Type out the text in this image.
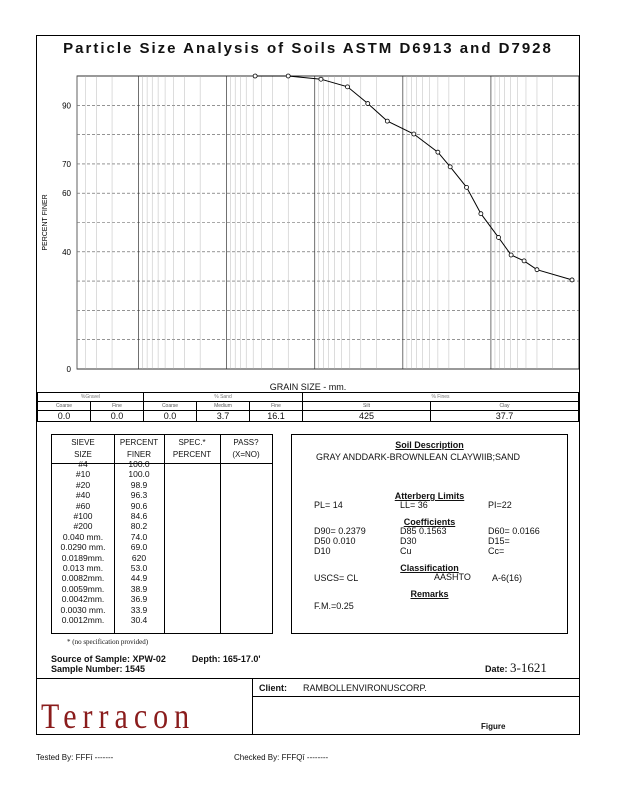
Particle Size Analysis of Soils ASTM D6913 and D7928
90
70
60
40
0
PERCENT FINER
GRAIN SIZE - mm.
%Gravel		% Sand			% Fines	
Coarse	Fine	Coarse	Medium	Fine	Silt	Clay
0.0	0.0	0.0	3.7	16.1	425	37.7
SIEVE	PERCENT	SPEC.*	PASS?
SIZE	FINER	PERCENT	(X=NO)
#4	100.0		
#10	100.0		
#20	98.9		
#40	96.3		
#60	90.6		
#100	84.6		
#200	80.2		
0.040 mm.	74.0		
0.0290 mm.	69.0		
0.0189mm.	620		
0.013 mm.	53.0		
0.0082mm.	44.9		
0.0059mm.	38.9		
0.0042mm.	36.9		
0.0030 mm.	33.9		
0.0012mm.	30.4		
Soil Description
GRAY ANDDARK-BROWNLEAN CLAYWIIB;SAND
Atterberg Limits
PL= 14	LL= 36	PI=22
Coefficients
D90= 0.2379	D85 0.1563	D60= 0.0166
D50 0.010	D30	D15=
D10	Cu	Cc=
Classification
USCS= CL	AASHTO A-6(16)
Remarks
F.M.=0.25
* (no specification provided)
Source of Sample: XPW-02	Depth: 165-17.0'
Sample Number: 1545	Date: 3-1621
Terracon
Client: RAMBOLLENVIRONUSCORP.
Figure
Tested By: FFFī -------	Checked By: FFFQī --------
